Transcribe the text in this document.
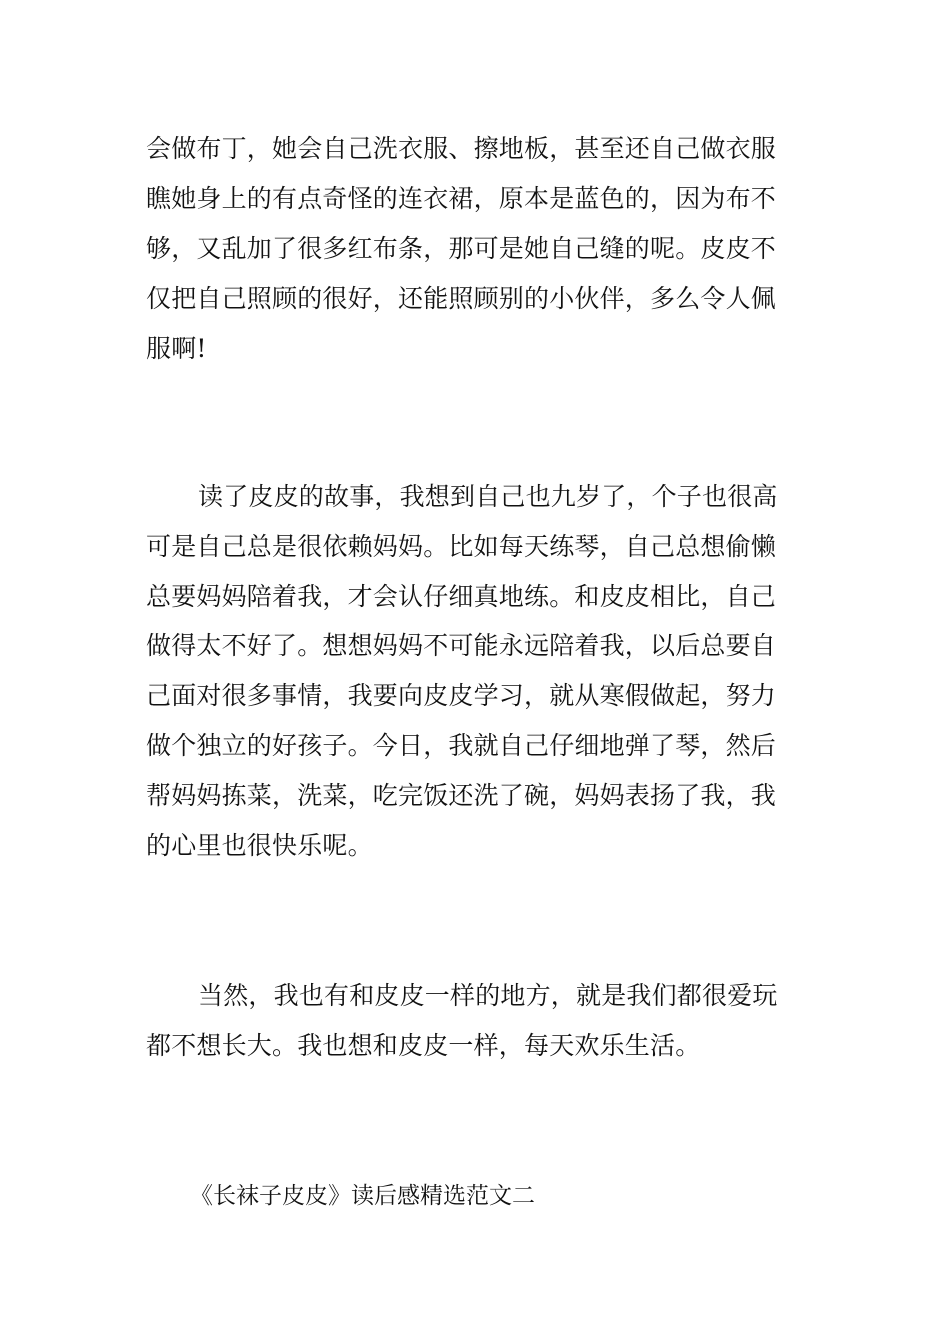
会做布丁，她会自己洗衣服、擦地板，甚至还自己做衣服

瞧她身上的有点奇怪的连衣裙，原本是蓝色的，因为布不

够，又乱加了很多红布条，那可是她自己缝的呢。皮皮不

仅把自己照顾的很好，还能照顾别的小伙伴，多么令人佩

服啊!

读了皮皮的故事，我想到自己也九岁了，个子也很高

可是自己总是很依赖妈妈。比如每天练琴，自己总想偷懒

总要妈妈陪着我，才会认仔细真地练。和皮皮相比，自己

做得太不好了。想想妈妈不可能永远陪着我，以后总要自

己面对很多事情，我要向皮皮学习，就从寒假做起，努力

做个独立的好孩子。今日，我就自己仔细地弹了琴，然后

帮妈妈拣菜，洗菜，吃完饭还洗了碗，妈妈表扬了我，我

的心里也很快乐呢。

当然，我也有和皮皮一样的地方，就是我们都很爱玩

都不想长大。我也想和皮皮一样，每天欢乐生活。

《长袜子皮皮》读后感精选范文二
